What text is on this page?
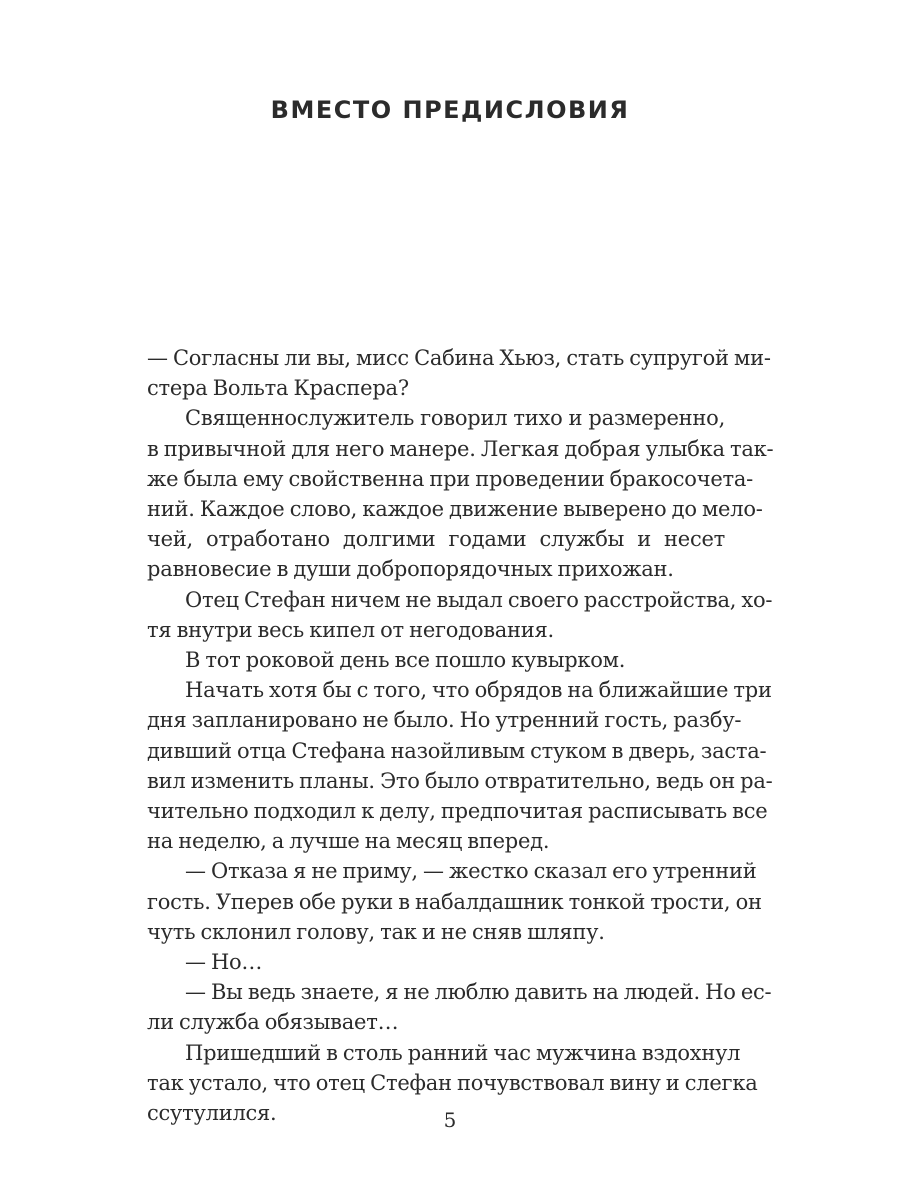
ВМЕСТО ПРЕДИСЛОВИЯ
— Согласны ли вы, мисс Сабина Хьюз, стать супругой ми-
стера Вольта Краспера?
Священнослужитель говорил тихо и размеренно,
в привычной для него манере. Легкая добрая улыбка так-
же была ему свойственна при проведении бракосочета-
ний. Каждое слово, каждое движение выверено до мело-
чей, отработано долгими годами службы и несет
равновесие в души добропорядочных прихожан.
Отец Стефан ничем не выдал своего расстройства, хо-
тя внутри весь кипел от негодования.
В тот роковой день все пошло кувырком.
Начать хотя бы с того, что обрядов на ближайшие три
дня запланировано не было. Но утренний гость, разбу-
дивший отца Стефана назойливым стуком в дверь, заста-
вил изменить планы. Это было отвратительно, ведь он ра-
чительно подходил к делу, предпочитая расписывать все
на неделю, а лучше на месяц вперед.
— Отказа я не приму, — жестко сказал его утренний
гость. Уперев обе руки в набалдашник тонкой трости, он
чуть склонил голову, так и не сняв шляпу.
— Но…
— Вы ведь знаете, я не люблю давить на людей. Но ес-
ли служба обязывает…
Пришедший в столь ранний час мужчина вздохнул
так устало, что отец Стефан почувствовал вину и слегка
ссутулился.	5
